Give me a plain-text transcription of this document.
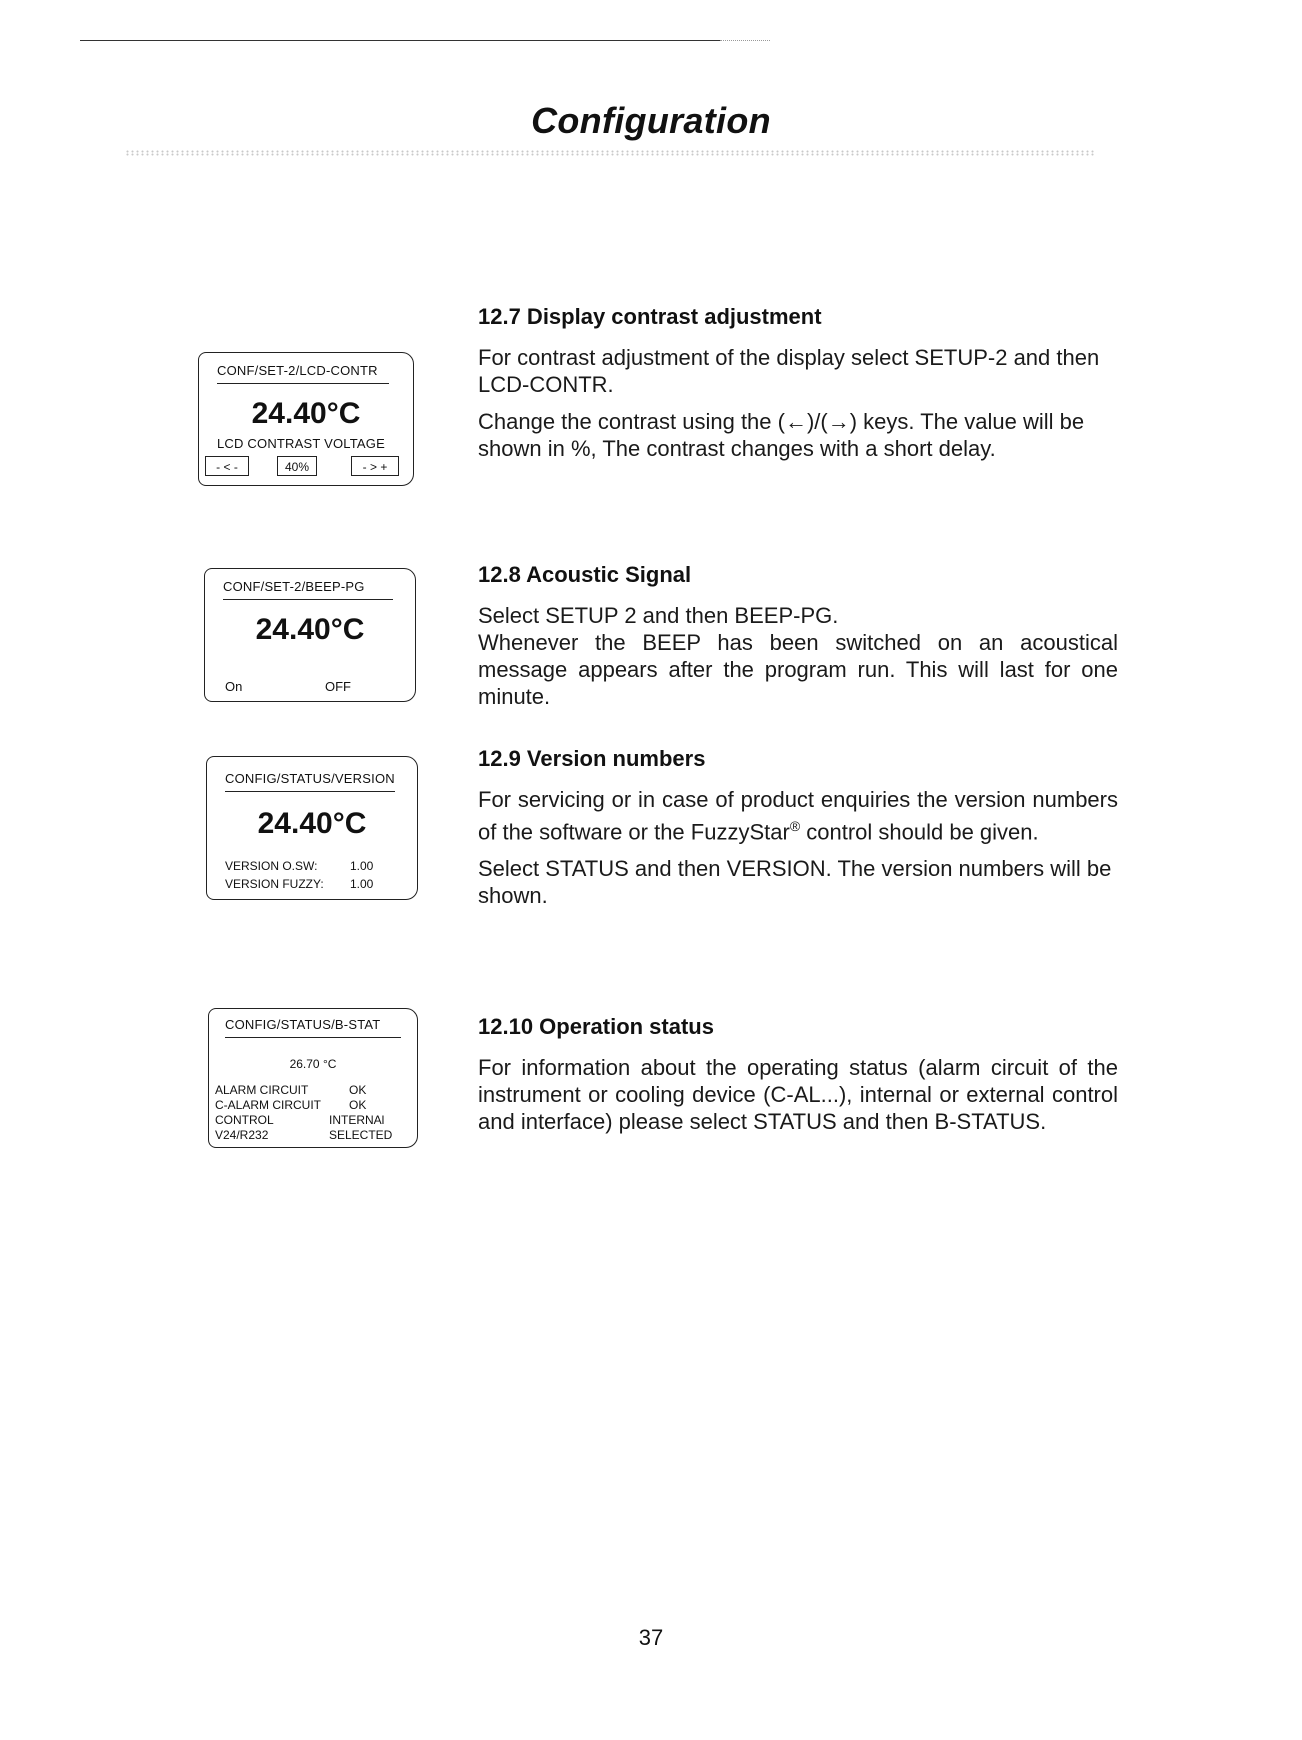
Configuration
CONF/SET-2/LCD-CONTR
24.40°C
LCD CONTRAST VOLTAGE
- < -	40%	- > +
CONF/SET-2/BEEP-PG
24.40°C
On	OFF
CONFIG/STATUS/VERSION
24.40°C
VERSION O.SW:	1.00
VERSION FUZZY: 1.00
CONFIG/STATUS/B-STAT
26.70 °C
ALARM CIRCUIT	OK
C-ALARM CIRCUIT OK
CONTROL	INTERNAl
V24/R232	SELECTED
12.7 Display contrast adjustment

For contrast adjustment of the display select SETUP-2 and then LCD-CONTR.

Change the contrast using the (←)/(→) keys. The value will be shown in %, The contrast changes with a short delay.

12.8 Acoustic Signal

Select SETUP 2 and then BEEP-PG.

Whenever the BEEP has been switched on an acoustical message appears after the program run. This will last for one minute.

12.9 Version numbers

For servicing or in case of product enquiries the version numbers of the software or the FuzzyStar® control should be given.

Select STATUS and then VERSION. The version numbers will be shown.

12.10 Operation status

For information about the operating status (alarm circuit of the instrument or cooling device (C-AL...), internal or external control and interface) please select STATUS and then B-STATUS.

37
